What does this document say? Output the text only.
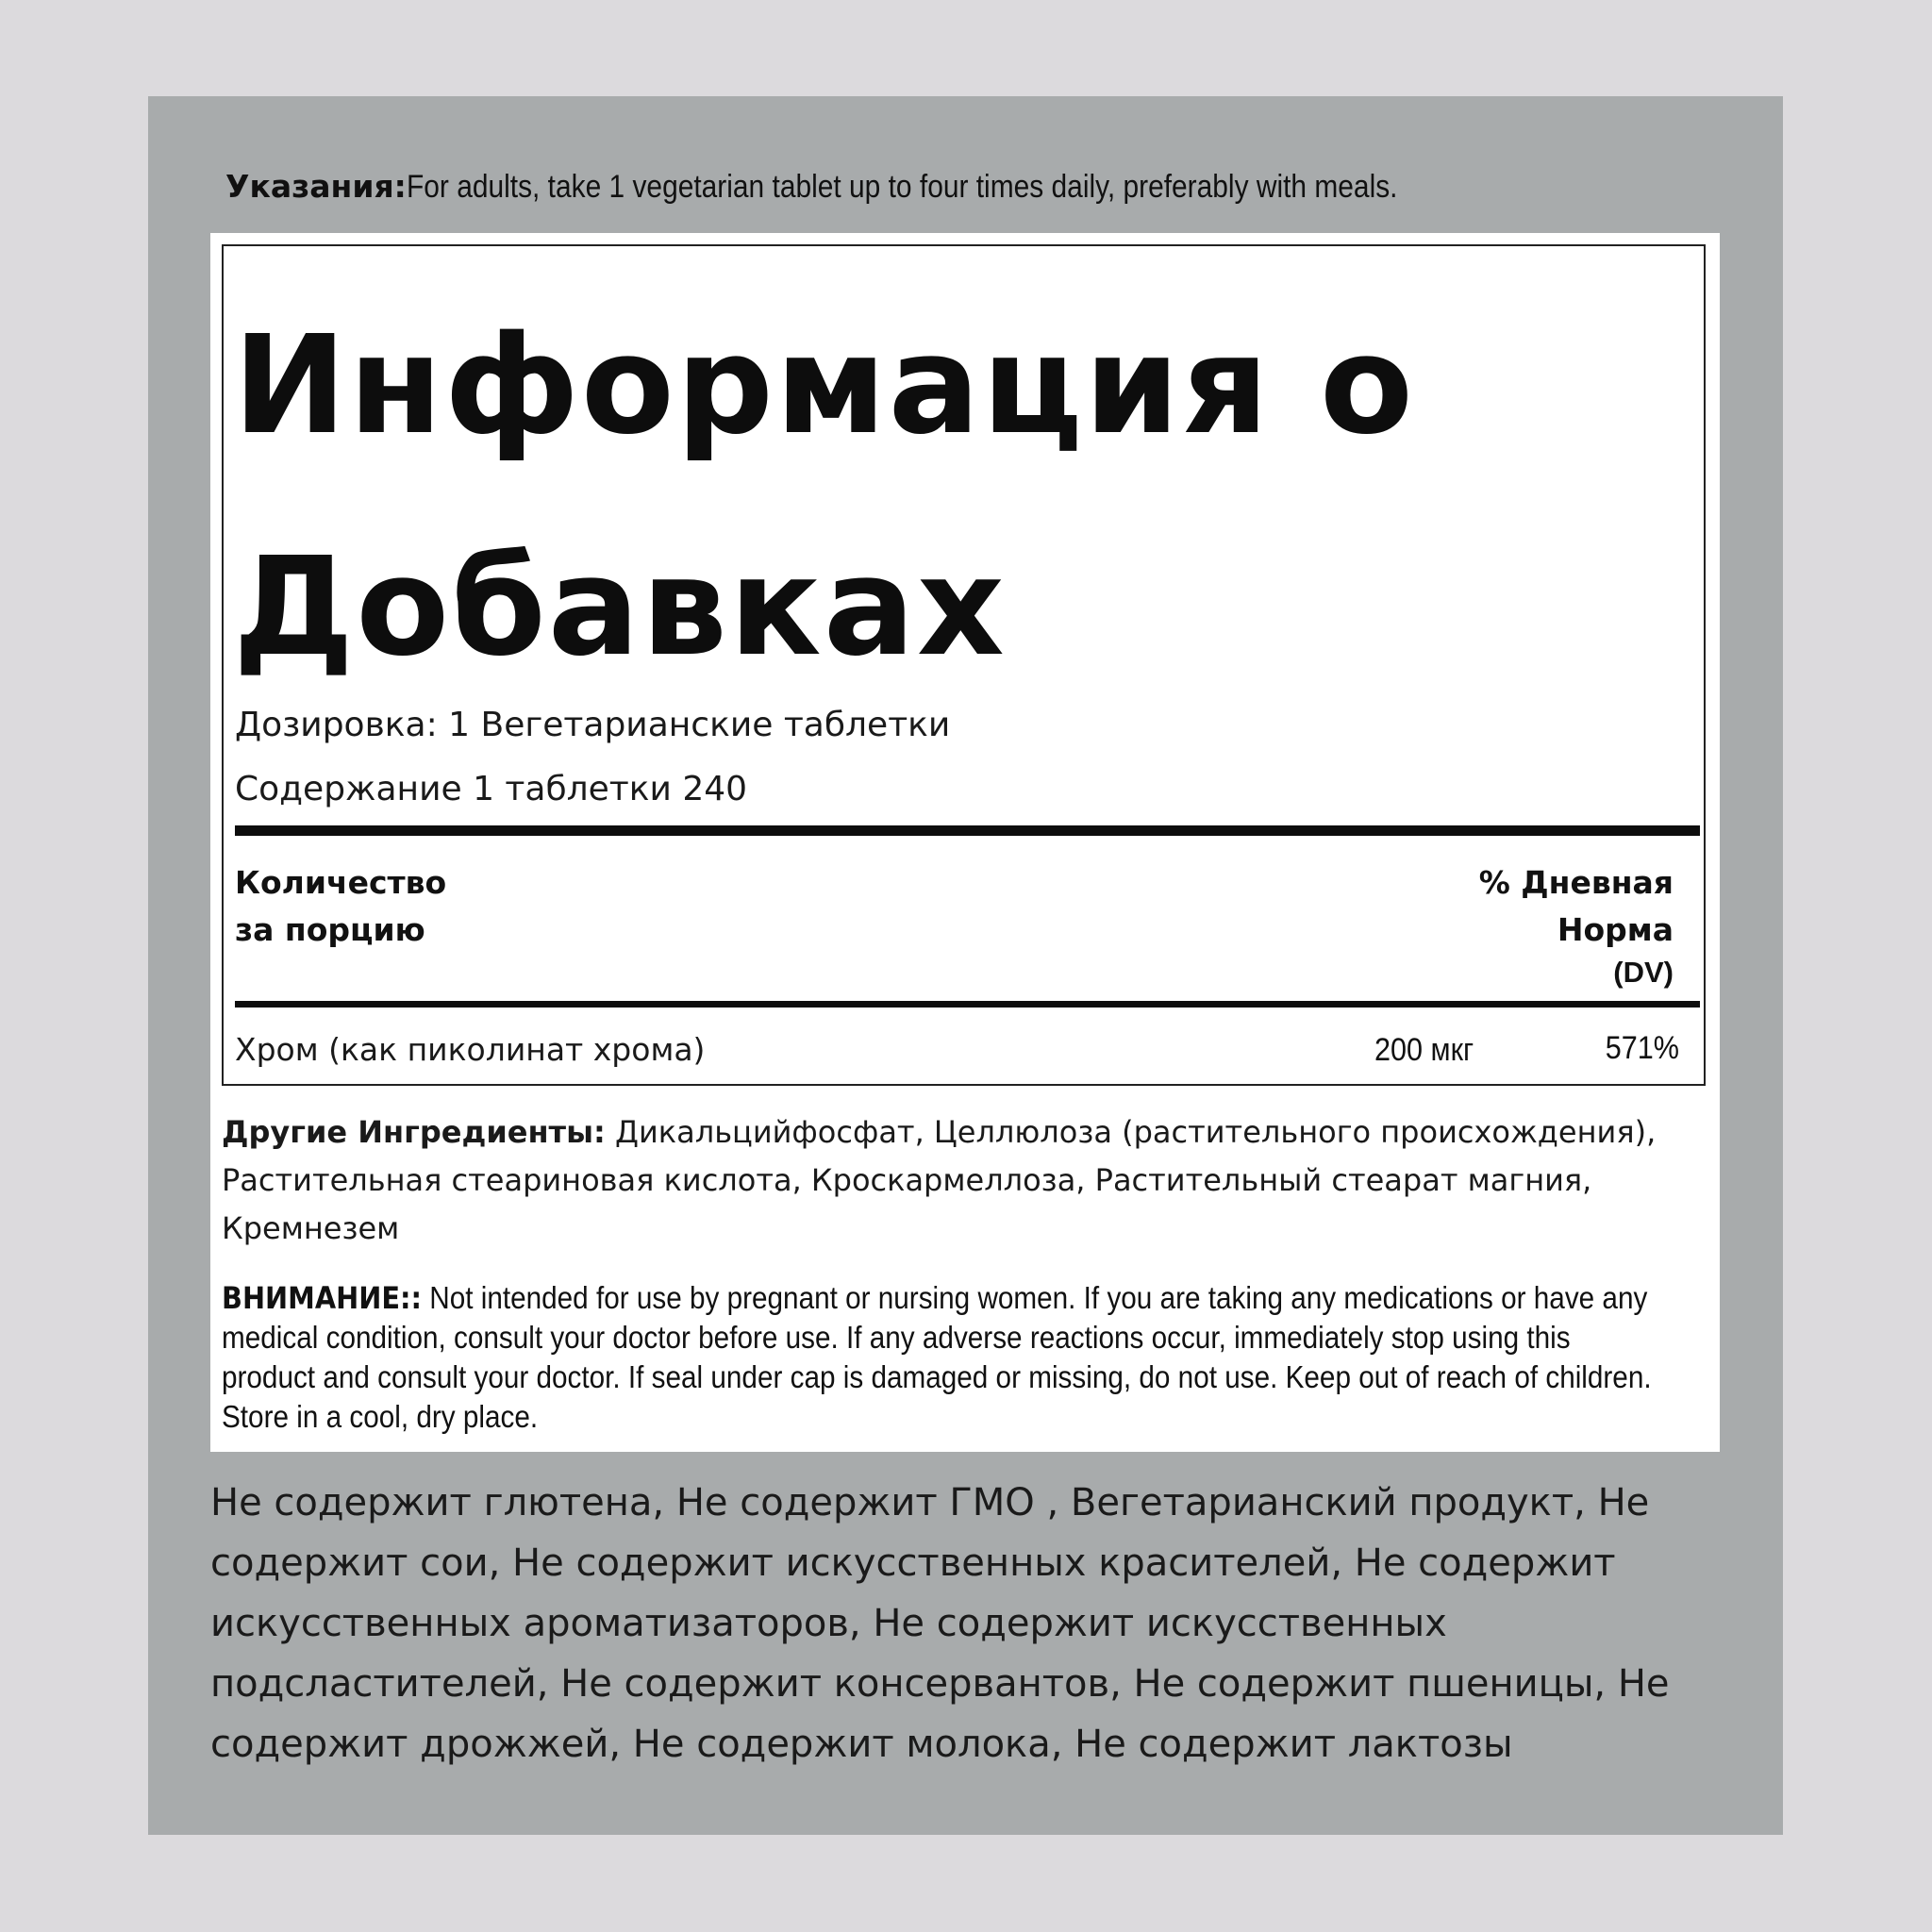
Указания:For adults, take 1 vegetarian tablet up to four times daily, preferably with meals.
Информация о Добавках
Дозировка: 1 Вегетарианские таблетки
Содержание 1 таблетки 240
Количество
за порцию
% Дневная
Норма
(DV)
Хром (как пиколинат хрома)	200 мкг	571%
Другие Ингредиенты: Дикальцийфосфат, Целлюлоза (растительного происхождения), Растительная стеариновая кислота, Кроскармеллоза, Растительный стеарат магния, Кремнезем
ВНИМАНИЕ:: Not intended for use by pregnant or nursing women. If you are taking any medications or have any medical condition, consult your doctor before use. If any adverse reactions occur, immediately stop using this product and consult your doctor. If seal under cap is damaged or missing, do not use. Keep out of reach of children. Store in a cool, dry place.
Не содержит глютена, Не содержит ГМО , Вегетарианский продукт, Не содержит сои, Не содержит искусственных красителей, Не содержит искусственных ароматизаторов, Не содержит искусственных подсластителей, Не содержит консервантов, Не содержит пшеницы, Не содержит дрожжей, Не содержит молока, Не содержит лактозы
